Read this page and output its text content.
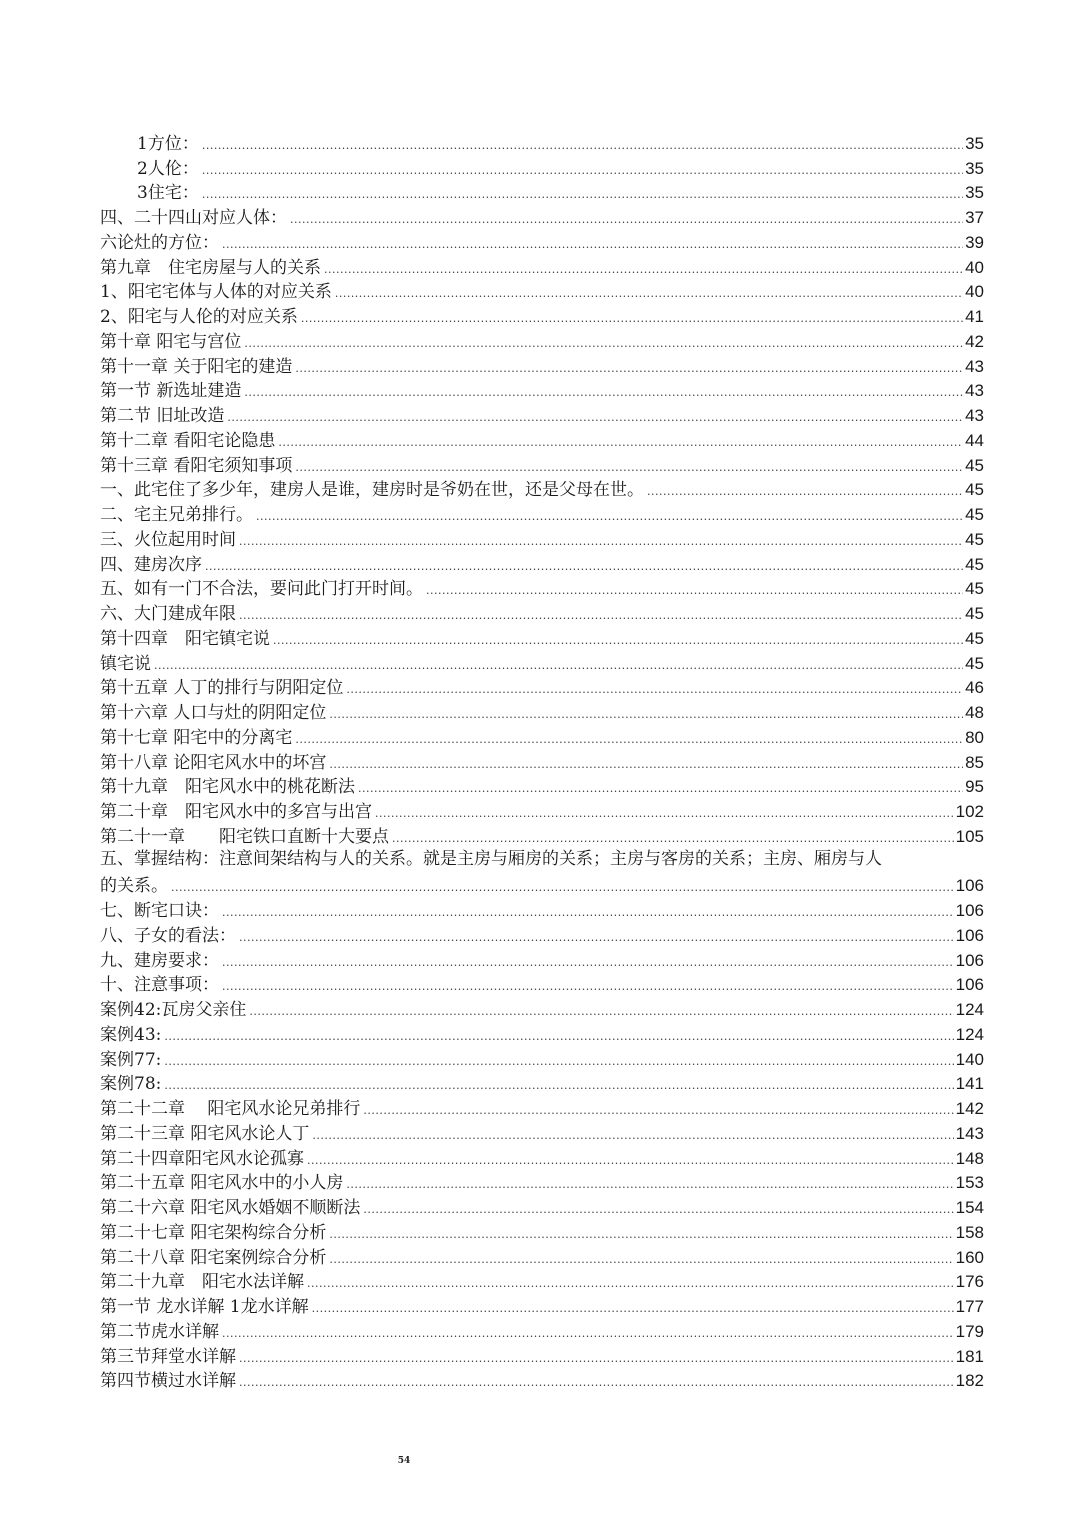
1方位： .....	35
2人伦： .....	35
3住宅： .....	35
四、二十四山对应人体： .....	37
六论灶的方位： .....	39
第九章　住宅房屋与人的关系 .....	40
1、阳宅宅体与人体的对应关系 .....	40
2、阳宅与人伦的对应关系 .....	41
第十章 阳宅与宫位 .....	42
第十一章 关于阳宅的建造 .....	43
第一节 新选址建造 .....	43
第二节 旧址改造 .....	43
第十二章 看阳宅论隐患 .....	44
第十三章 看阳宅须知事项 .....	45
一、此宅住了多少年，建房人是谁，建房时是爷奶在世，还是父母在世。 .....	45
二、宅主兄弟排行。 .....	45
三、火位起用时间 .....	45
四、建房次序 .....	45
五、如有一门不合法，要问此门打开时间。 .....	45
六、大门建成年限 .....	45
第十四章　阳宅镇宅说 .....	45
镇宅说 .....	45
第十五章 人丁的排行与阴阳定位 .....	46
第十六章 人口与灶的阴阳定位 .....	48
第十七章 阳宅中的分离宅 .....	80
第十八章 论阳宅风水中的坏宫 .....	85
第十九章　阳宅风水中的桃花断法 .....	95
第二十章　阳宅风水中的多宫与出宫 .....	102
第二十一章　　阳宅铁口直断十大要点 .....	105
五、掌握结构：注意间架结构与人的关系。就是主房与厢房的关系；主房与客房的关系；主房、厢房与人
的关系。 .....	106
七、断宅口诀： .....	106
八、子女的看法： .....	106
九、建房要求： .....	106
十、注意事项： .....	106
案例42:瓦房父亲住 .....	124
案例43: .....	124
案例77: .....	140
案例78: .....	141
第二十二章　 阳宅风水论兄弟排行 .....	142
第二十三章 阳宅风水论人丁 .....	143
第二十四章阳宅风水论孤寡 .....	148
第二十五章 阳宅风水中的小人房 .....	153
第二十六章 阳宅风水婚姻不顺断法 .....	154
第二十七章 阳宅架构综合分析 .....	158
第二十八章 阳宅案例综合分析 .....	160
第二十九章　阳宅水法详解 .....	176
第一节 龙水详解 1龙水详解 .....	177
第二节虎水详解 .....	179
第三节拜堂水详解 .....	181
第四节横过水详解 .....	182
54
